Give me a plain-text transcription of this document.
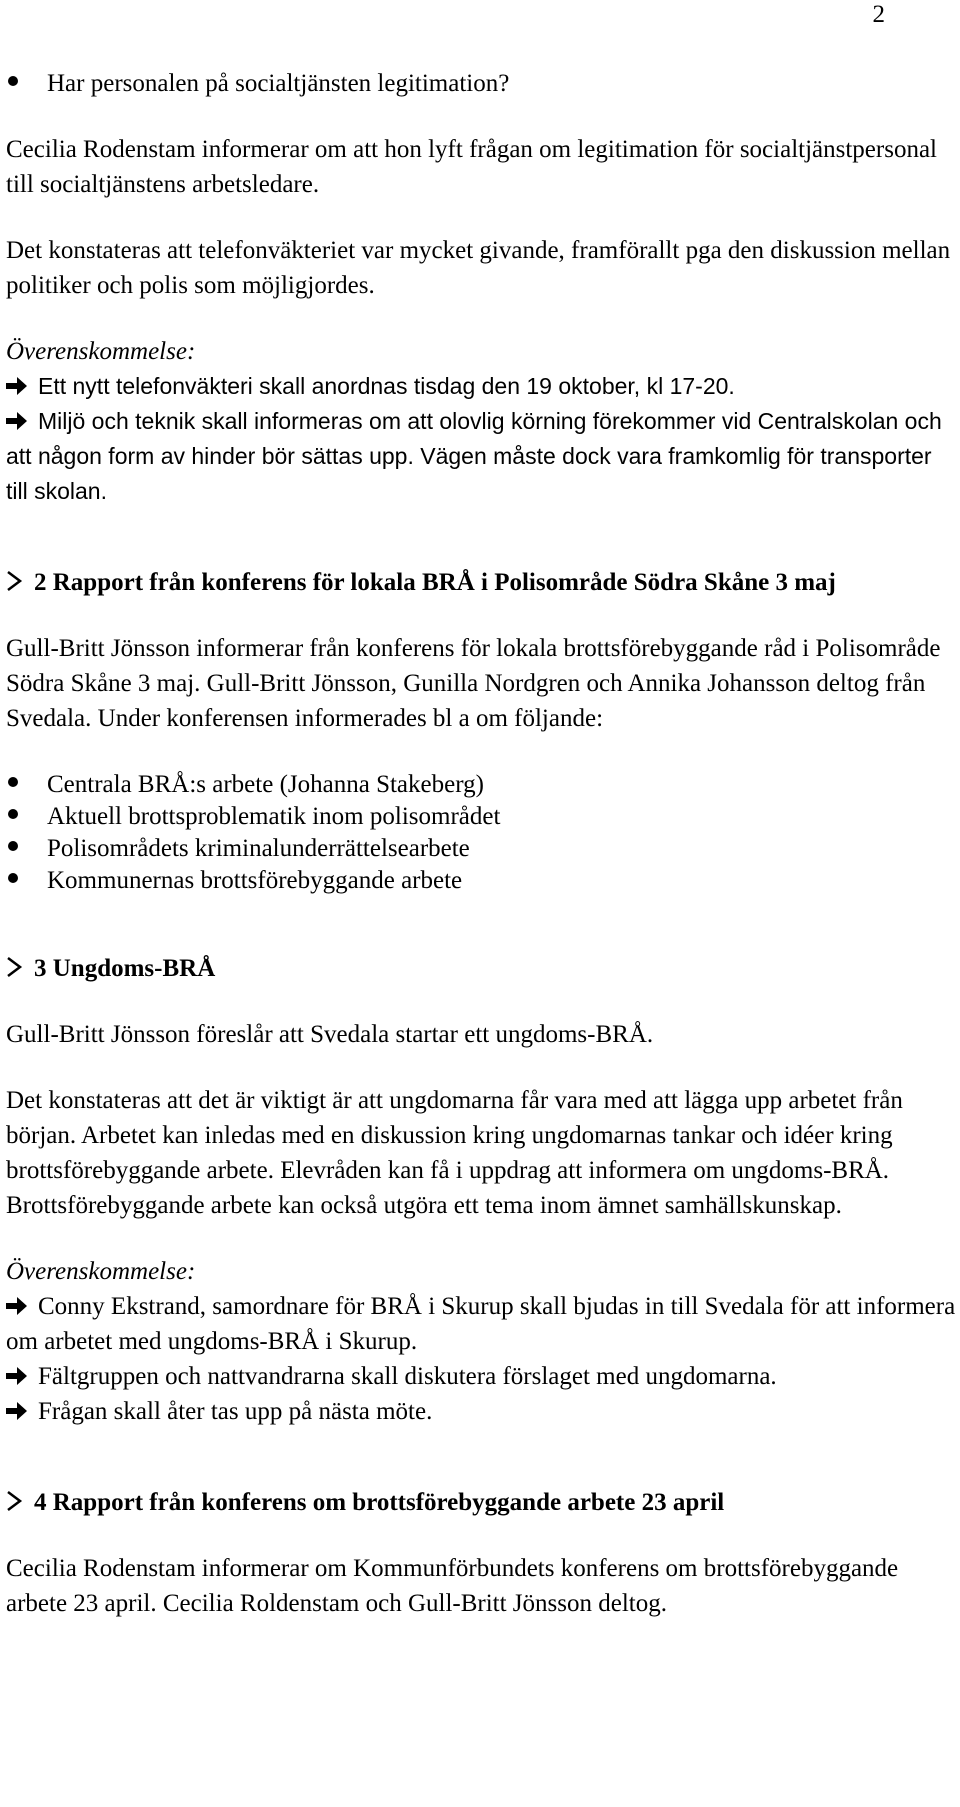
2
Har personalen på socialtjänsten legitimation?

Cecilia Rodenstam informerar om att hon lyft frågan om legitimation för socialtjänstpersonal till socialtjänstens arbetsledare.

Det konstateras att telefonväkteriet var mycket givande, framförallt pga den diskussion mellan politiker och polis som möjligjordes.

Överenskommelse:

Ett nytt telefonväkteri skall anordnas tisdag den 19 oktober, kl 17-20.

Miljö och teknik skall informeras om att olovlig körning förekommer vid Centralskolan och att någon form av hinder bör sättas upp. Vägen måste dock vara framkomlig för transporter till skolan.

2 Rapport från konferens för lokala BRÅ i Polisområde Södra Skåne 3 maj

Gull-Britt Jönsson informerar från konferens för lokala brottsförebyggande råd i Polisområde Södra Skåne 3 maj. Gull-Britt Jönsson, Gunilla Nordgren och Annika Johansson deltog från Svedala. Under konferensen informerades bl a om följande:

Centrala BRÅ:s arbete (Johanna Stakeberg)
Aktuell brottsproblematik inom polisområdet
Polisområdets kriminalunderrättelsearbete
Kommunernas brottsförebyggande arbete

3 Ungdoms-BRÅ

Gull-Britt Jönsson föreslår att Svedala startar ett ungdoms-BRÅ.

Det konstateras att det är viktigt är att ungdomarna får vara med att lägga upp arbetet från början. Arbetet kan inledas med en diskussion kring ungdomarnas tankar och idéer kring brottsförebyggande arbete. Elevråden kan få i uppdrag att informera om ungdoms-BRÅ. Brottsförebyggande arbete kan också utgöra ett tema inom ämnet samhällskunskap.

Överenskommelse:

Conny Ekstrand, samordnare för BRÅ i Skurup skall bjudas in till Svedala för att informera om arbetet med ungdoms-BRÅ i Skurup.

Fältgruppen och nattvandrarna skall diskutera förslaget med ungdomarna.

Frågan skall åter tas upp på nästa möte.

4 Rapport från konferens om brottsförebyggande arbete 23 april

Cecilia Rodenstam informerar om Kommunförbundets konferens om brottsförebyggande arbete 23 april. Cecilia Roldenstam och Gull-Britt Jönsson deltog.
